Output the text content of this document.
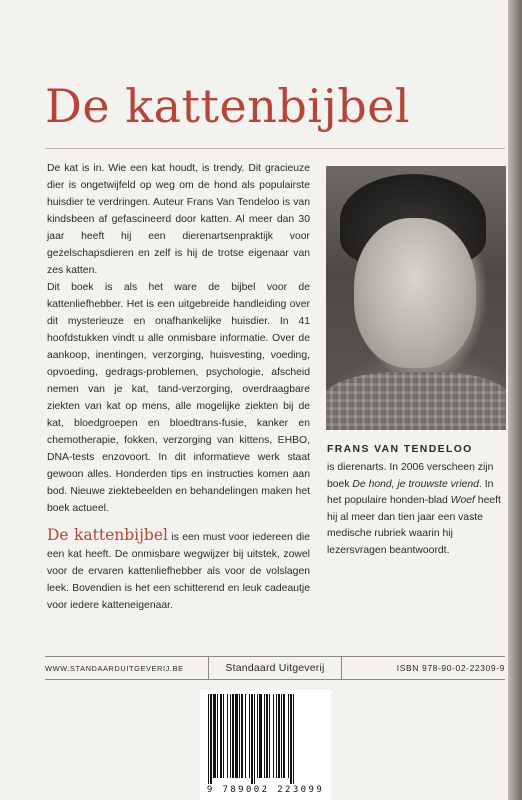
De kattenbijbel

De kat is in. Wie een kat houdt, is trendy. Dit gracieuze dier is ongetwijfeld op weg om de hond als populairste huisdier te verdringen. Auteur Frans Van Tendeloo is van kindsbeen af gefascineerd door katten. Al meer dan 30 jaar heeft hij een dierenartsenpraktijk voor gezelschapsdieren en zelf is hij de trotse eigenaar van zes katten.

Dit boek is als het ware de bijbel voor de kattenliefhebber. Het is een uitgebreide handleiding over dit mysterieuze en onafhankelijke huisdier. In 41 hoofdstukken vindt u alle onmisbare informatie. Over de aankoop, inentingen, verzorging, huisvesting, voeding, opvoeding, gedrags-problemen, psychologie, afscheid nemen van je kat, tand-verzorging, overdraagbare ziekten van kat op mens, alle mogelijke ziekten bij de kat, bloedgroepen en bloedtrans-fusie, kanker en chemotherapie, fokken, verzorging van kittens, EHBO, DNA-tests enzovoort. In dit informatieve werk staat gewoon alles. Honderden tips en instructies komen aan bod. Nieuwe ziektebeelden en behandelingen maken het boek actueel.

De kattenbijbel is een must voor iedereen die een kat heeft. De onmisbare wegwijzer bij uitstek, zowel voor de ervaren kattenliefhebber als voor de volslagen leek. Bovendien is het een schitterend en leuk cadeautje voor iedere katteneigenaar.

FRANS VAN TENDELOO

is dierenarts. In 2006 verscheen zijn boek De hond, je trouwste vriend. In het populaire honden-blad Woef heeft hij al meer dan tien jaar een vaste medische rubriek waarin hij lezersvragen beantwoordt.

WWW.STANDAARDUITGEVERIJ.BE	Standaard Uitgeverij	ISBN 978-90-02-22309-9
9 789002 223099
